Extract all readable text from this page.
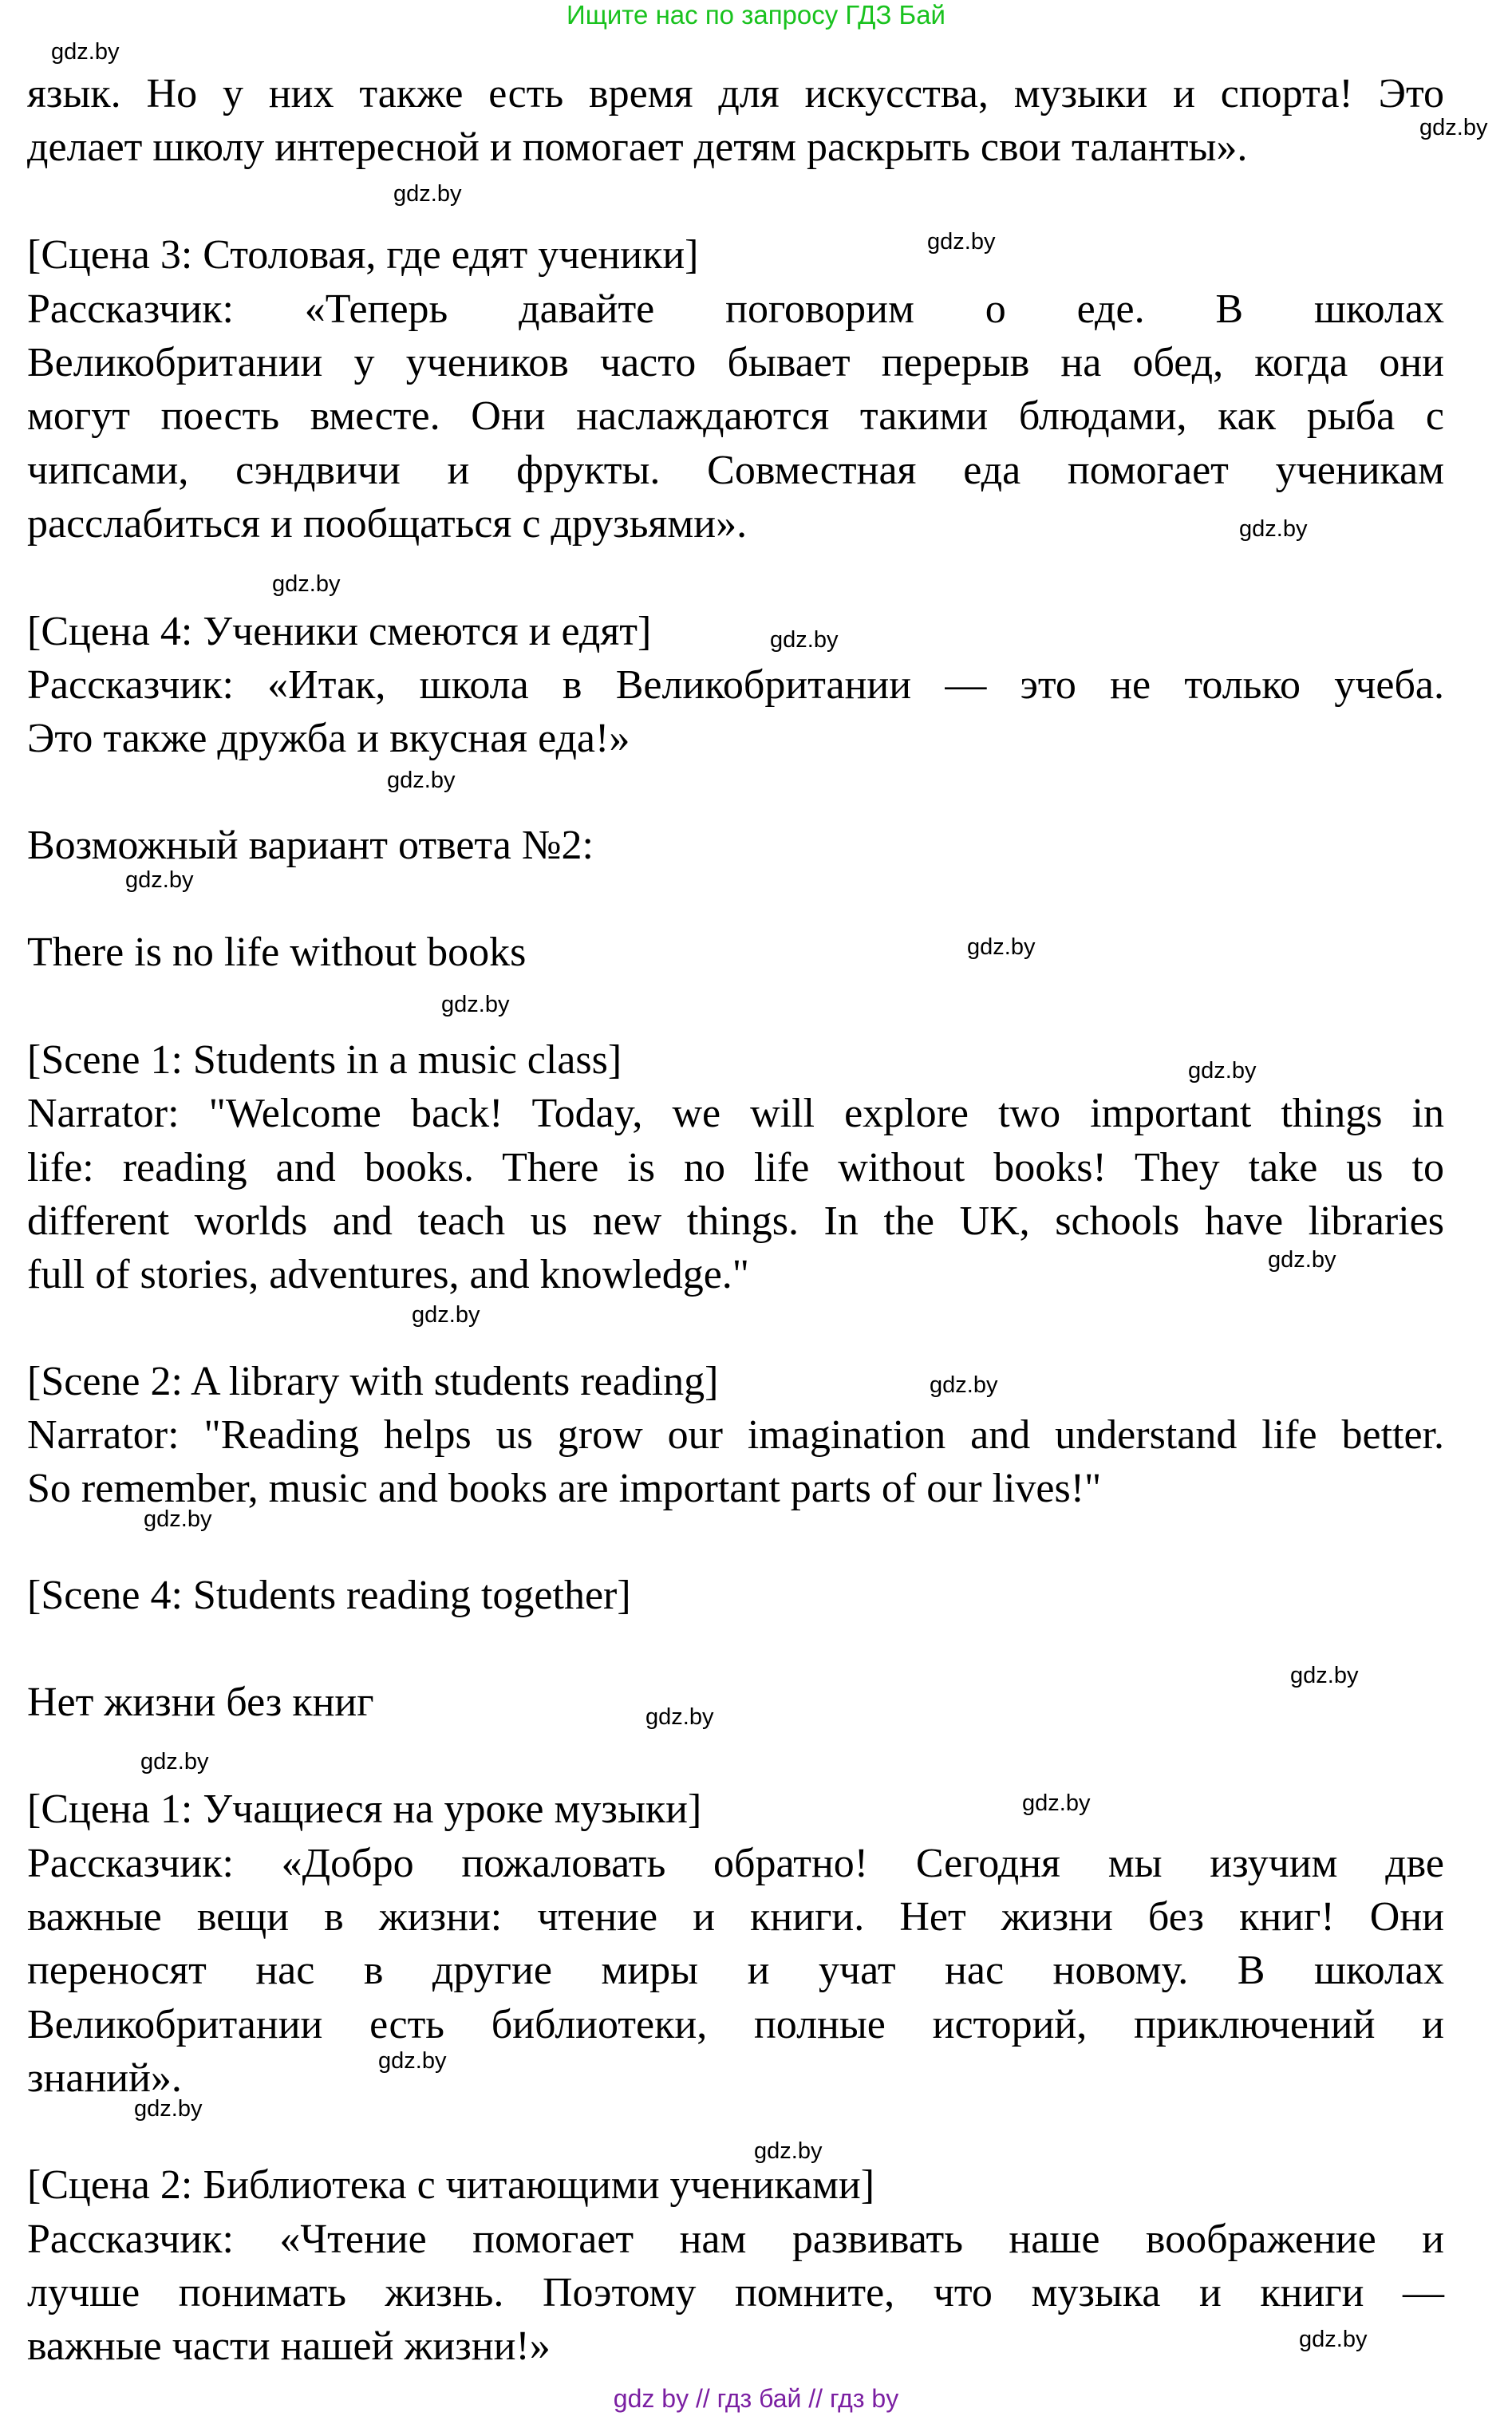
Ищите нас по запросу ГДЗ Бай
язык. Но у них также есть время для искусства, музыки и спорта! Это
делает школу интересной и помогает детям раскрыть свои таланты».
[Сцена 3: Столовая, где едят ученики]
Рассказчик: «Теперь давайте поговорим о еде. В школах
Великобритании у учеников часто бывает перерыв на обед, когда они
могут поесть вместе. Они наслаждаются такими блюдами, как рыба с
чипсами, сэндвичи и фрукты. Совместная еда помогает ученикам
расслабиться и пообщаться с друзьями».
[Сцена 4: Ученики смеются и едят]
Рассказчик: «Итак, школа в Великобритании — это не только учеба.
Это также дружба и вкусная еда!»
Возможный вариант ответа №2:
There is no life without books
[Scene 1: Students in a music class]
Narrator: "Welcome back! Today, we will explore two important things in
life: reading and books. There is no life without books! They take us to
different worlds and teach us new things. In the UK, schools have libraries
full of stories, adventures, and knowledge."
[Scene 2: A library with students reading]
Narrator: "Reading helps us grow our imagination and understand life better.
So remember, music and books are important parts of our lives!"
[Scene 4: Students reading together]
Нет жизни без книг
[Сцена 1: Учащиеся на уроке музыки]
Рассказчик: «Добро пожаловать обратно! Сегодня мы изучим две
важные вещи в жизни: чтение и книги. Нет жизни без книг! Они
переносят нас в другие миры и учат нас новому. В школах
Великобритании есть библиотеки, полные историй, приключений и
знаний».
[Сцена 2: Библиотека с читающими учениками]
Рассказчик: «Чтение помогает нам развивать наше воображение и
лучше понимать жизнь. Поэтому помните, что музыка и книги —
важные части нашей жизни!»
gdz.by
gdz.by
gdz.by
gdz.by
gdz.by
gdz.by
gdz.by
gdz.by
gdz.by
gdz.by
gdz.by
gdz.by
gdz.by
gdz.by
gdz.by
gdz.by
gdz.by
gdz.by
gdz.by
gdz.by
gdz.by
gdz.by
gdz.by
gdz.by
gdz by // гдз бай // гдз by
